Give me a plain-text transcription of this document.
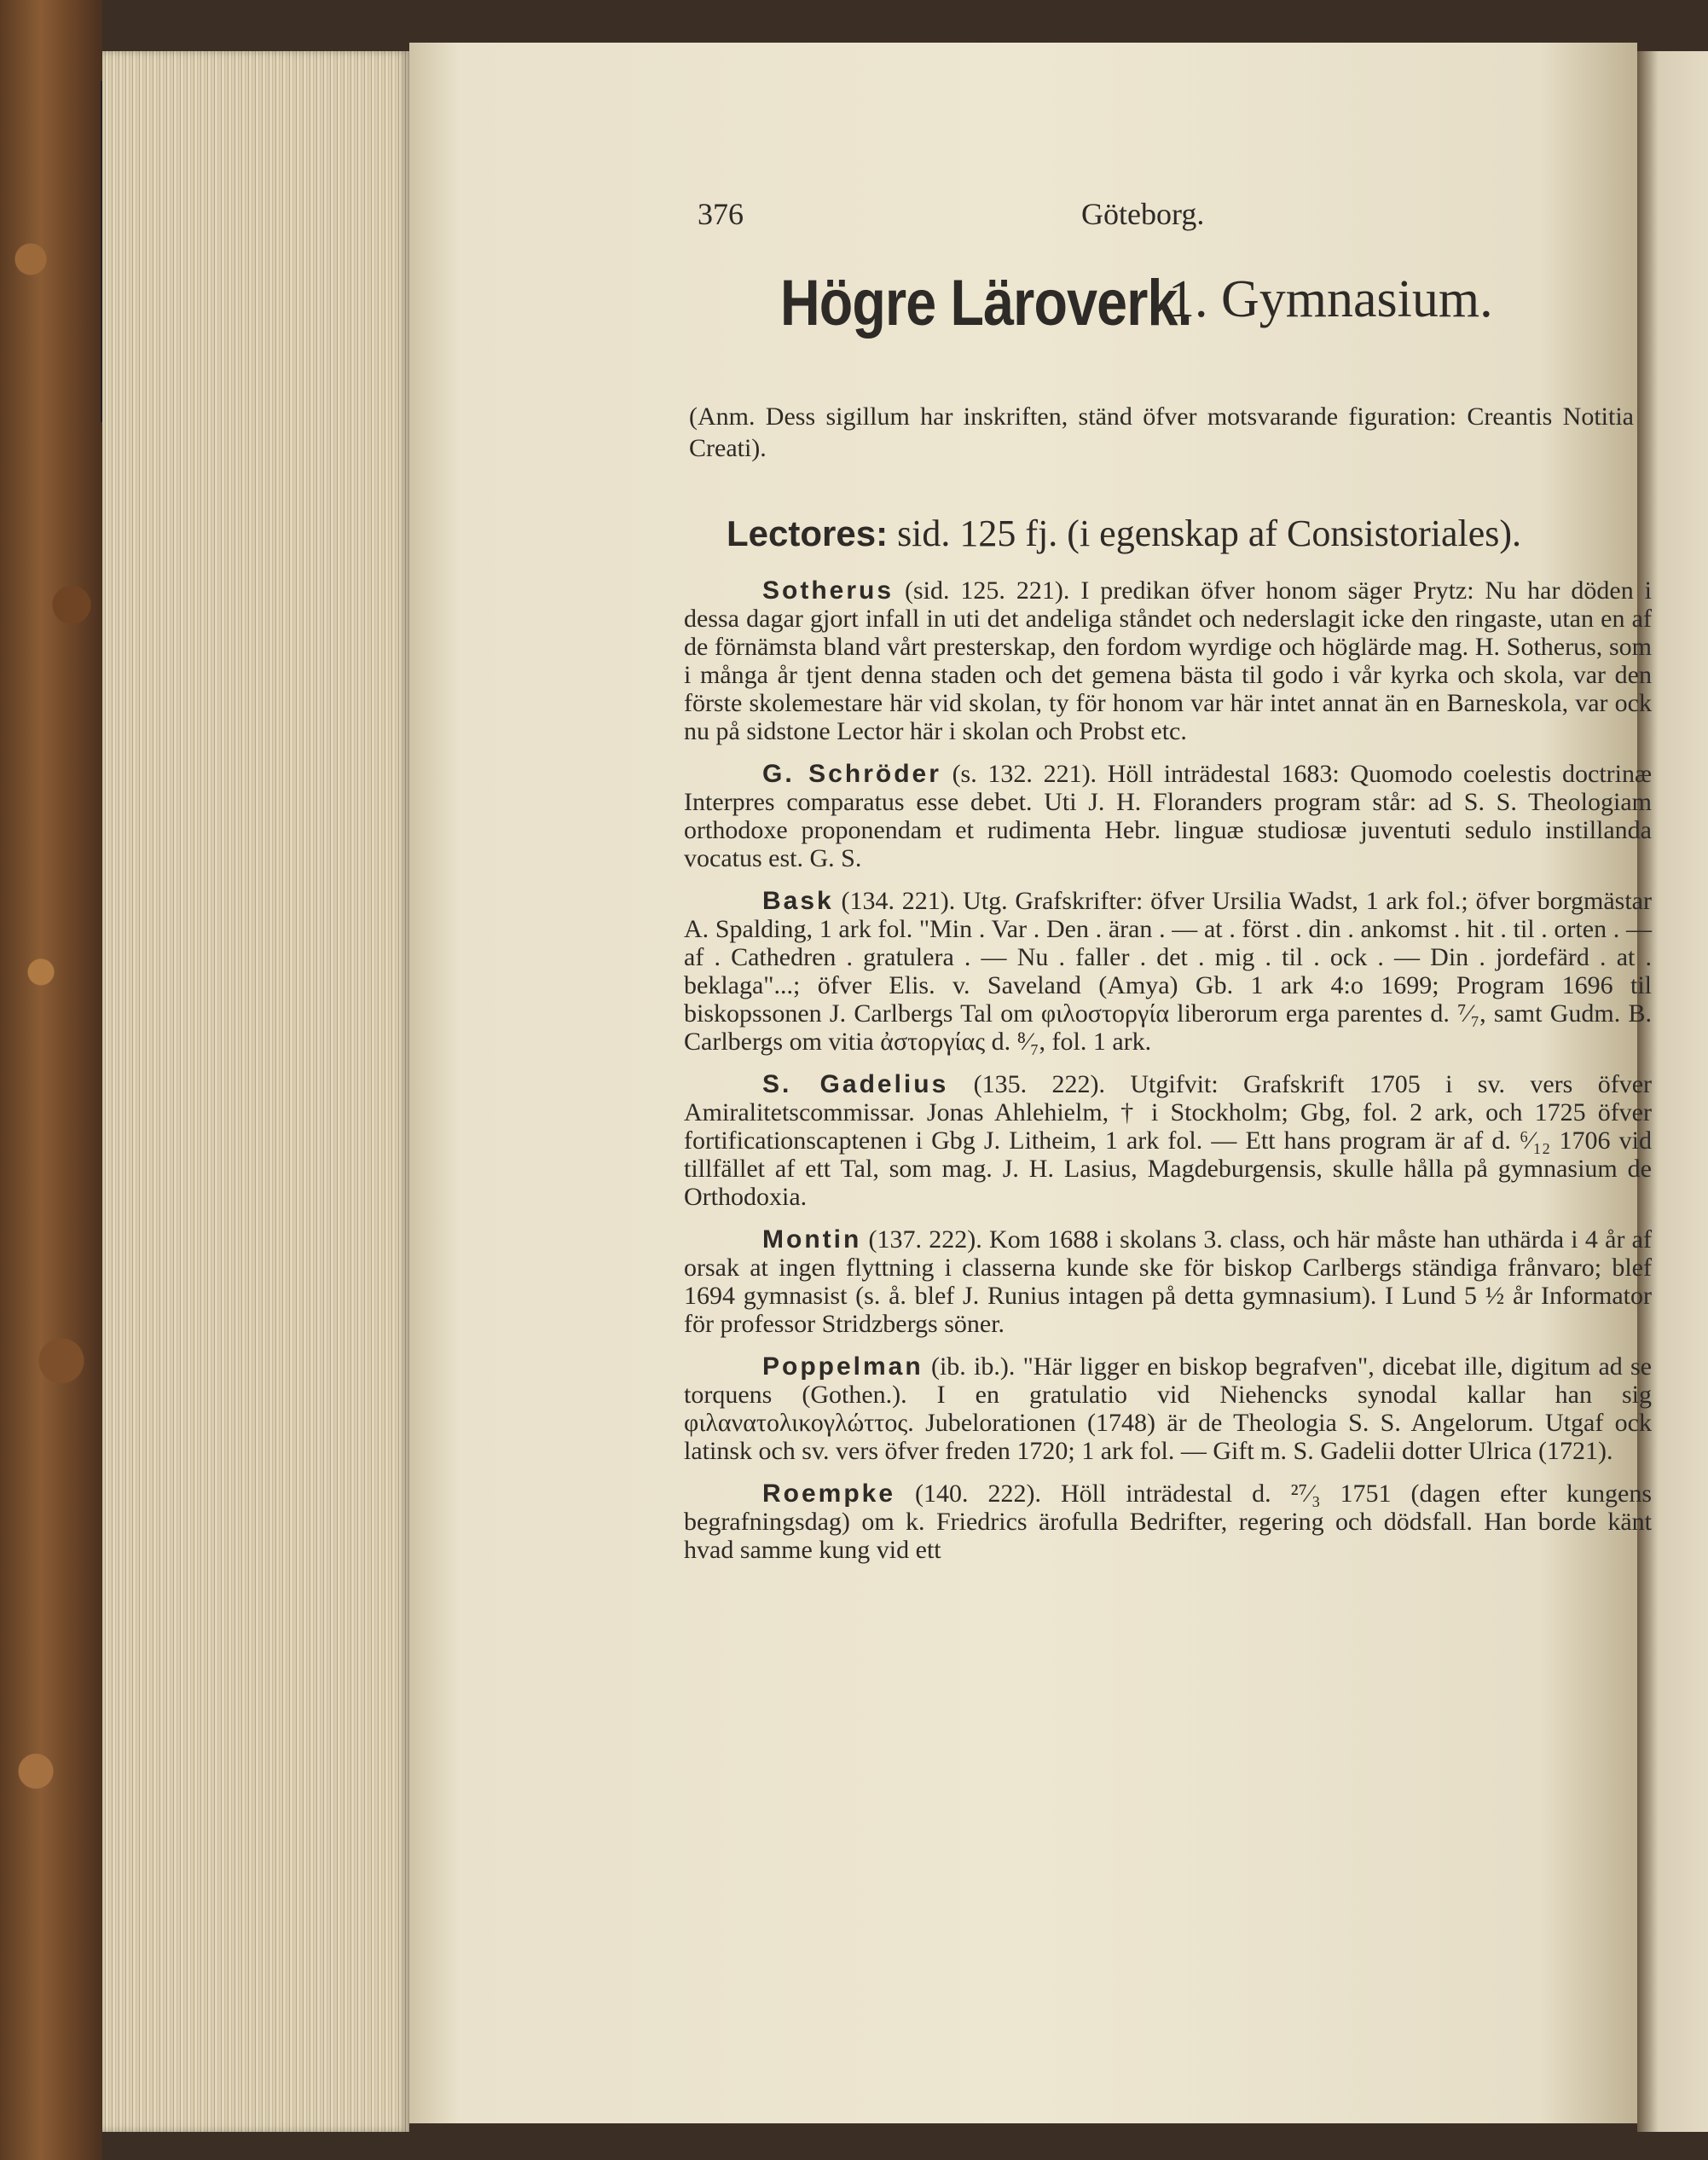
376	Göteborg.
Högre Läroverk.
1. Gymnasium.
(Anm. Dess sigillum har inskriften, ständ öfver motsvarande figuration: Creantis Notitia Creati).
Lectores: sid. 125 fj. (i egenskap af Consistoriales).

Sotherus (sid. 125. 221). I predikan öfver honom säger Prytz: Nu har döden i dessa dagar gjort infall in uti det andeliga ståndet och nederslagit icke den ringaste, utan en af de förnämsta bland vårt presterskap, den fordom wyrdige och höglärde mag. H. Sotherus, som i många år tjent denna staden och det gemena bästa til godo i vår kyrka och skola, var den förste skolemestare här vid skolan, ty för honom var här intet annat än en Barneskola, var ock nu på sidstone Lector här i skolan och Probst etc.

G. Schröder (s. 132. 221). Höll inträdestal 1683: Quomodo coelestis doctrinæ Interpres comparatus esse debet. Uti J. H. Floranders program står: ad S. S. Theologiam orthodoxe proponendam et rudimenta Hebr. linguæ studiosæ juventuti sedulo instillanda vocatus est. G. S.

Bask (134. 221). Utg. Grafskrifter: öfver Ursilia Wadst, 1 ark fol.; öfver borgmästar A. Spalding, 1 ark fol. "Min . Var . Den . äran . — at . först . din . ankomst . hit . til . orten . — af . Cathedren . gratulera . — Nu . faller . det . mig . til . ock . — Din . jordefärd . at . beklaga"...; öfver Elis. v. Saveland (Amya) Gb. 1 ark 4:o 1699; Program 1696 til biskopssonen J. Carlbergs Tal om φιλοστοργία liberorum erga parentes d. ⁷⁄₇, samt Gudm. B. Carlbergs om vitia ἀστοργίας d. ⁸⁄₇, fol. 1 ark.

S. Gadelius (135. 222). Utgifvit: Grafskrift 1705 i sv. vers öfver Amiralitetscommissar. Jonas Ahlehielm, † i Stockholm; Gbg, fol. 2 ark, och 1725 öfver fortificationscaptenen i Gbg J. Litheim, 1 ark fol. — Ett hans program är af d. ⁶⁄₁₂ 1706 vid tillfället af ett Tal, som mag. J. H. Lasius, Magdeburgensis, skulle hålla på gymnasium de Orthodoxia.

Montin (137. 222). Kom 1688 i skolans 3. class, och här måste han uthärda i 4 år af orsak at ingen flyttning i classerna kunde ske för biskop Carlbergs ständiga frånvaro; blef 1694 gymnasist (s. å. blef J. Runius intagen på detta gymnasium). I Lund 5 ½ år Informator för professor Stridzbergs söner.

Poppelman (ib. ib.). "Här ligger en biskop begrafven", dicebat ille, digitum ad se torquens (Gothen.). I en gratulatio vid Niehencks synodal kallar han sig φιλανατολικογλώττος. Jubelorationen (1748) är de Theologia S. S. Angelorum. Utgaf ock latinsk och sv. vers öfver freden 1720; 1 ark fol. — Gift m. S. Gadelii dotter Ulrica (1721).

Roempke (140. 222). Höll inträdestal d. ²⁷⁄₃ 1751 (dagen efter kungens begrafningsdag) om k. Friedrics ärofulla Bedrifter, regering och dödsfall. Han borde känt hvad samme kung vid ett
